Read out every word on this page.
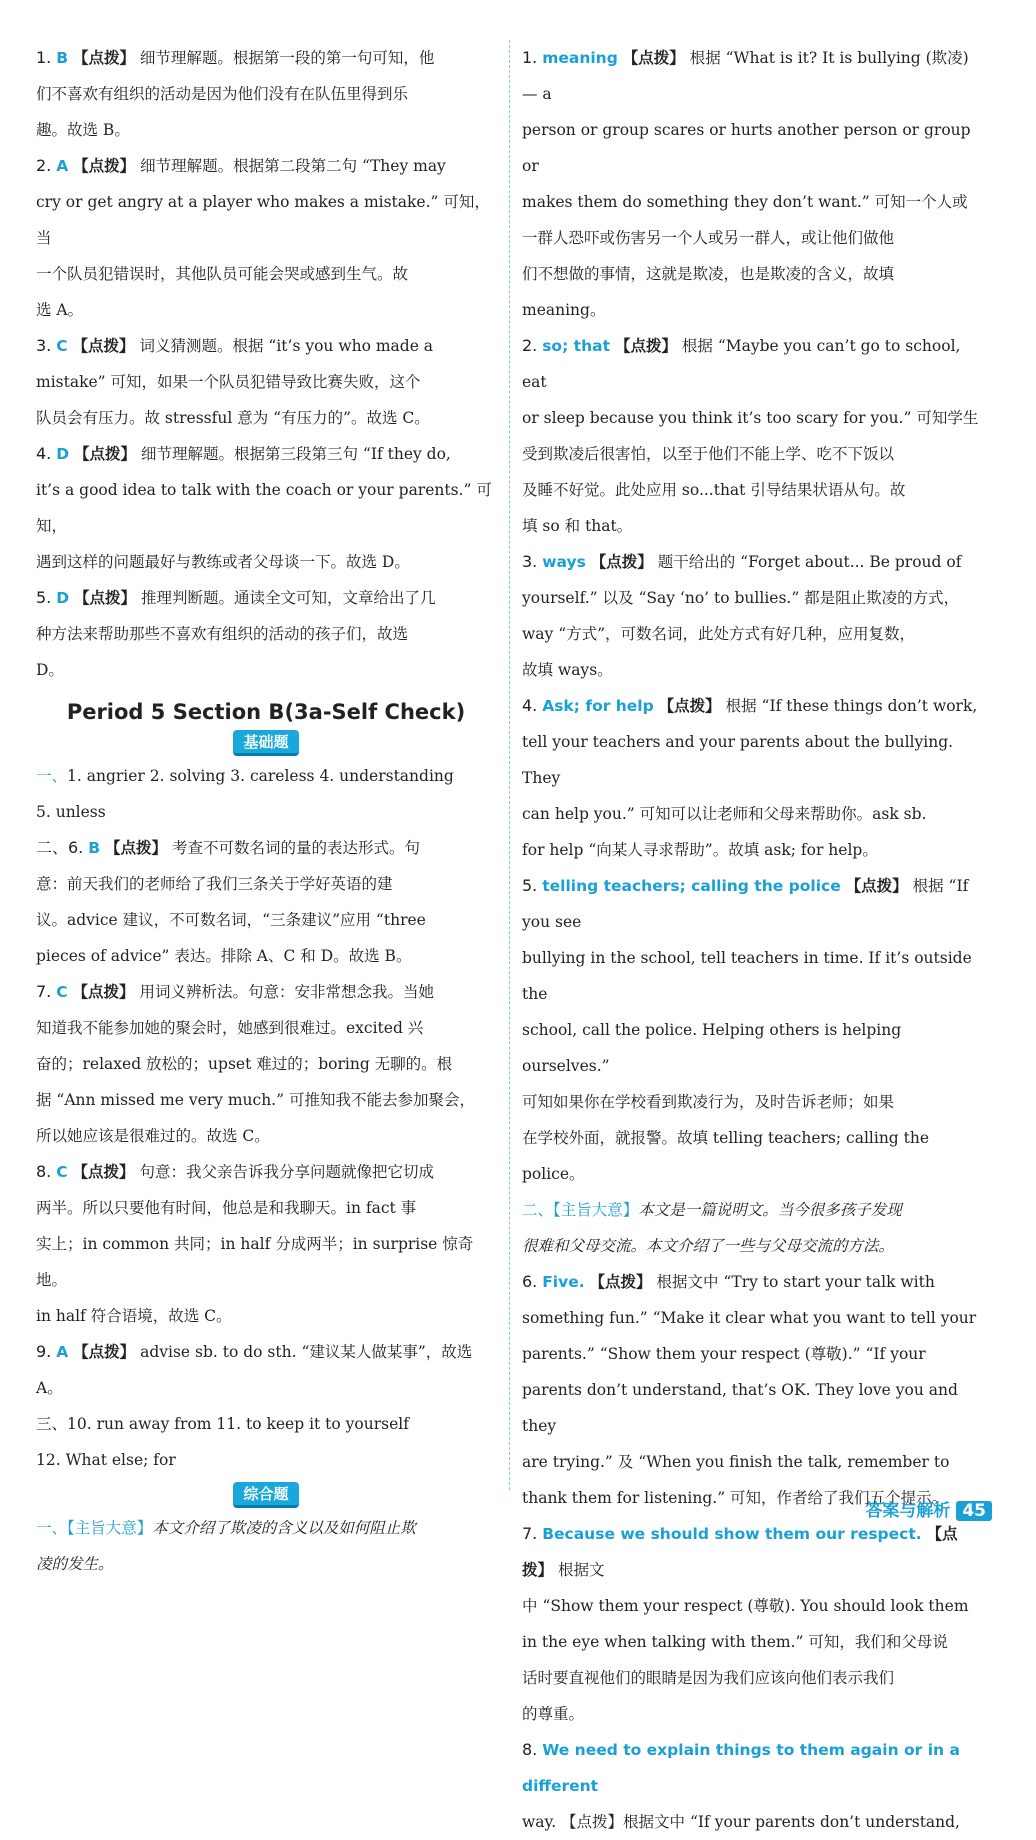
1. B 【点拨】 细节理解题。根据第一段的第一句可知，他

们不喜欢有组织的活动是因为他们没有在队伍里得到乐

趣。故选 B。

2. A 【点拨】 细节理解题。根据第二段第二句 “They may

cry or get angry at a player who makes a mistake.” 可知，当

一个队员犯错误时，其他队员可能会哭或感到生气。故

选 A。

3. C 【点拨】 词义猜测题。根据 “it’s you who made a

mistake” 可知，如果一个队员犯错导致比赛失败，这个

队员会有压力。故 stressful 意为 “有压力的”。故选 C。

4. D 【点拨】 细节理解题。根据第三段第三句 “If they do,

it’s a good idea to talk with the coach or your parents.” 可知，

遇到这样的问题最好与教练或者父母谈一下。故选 D。

5. D 【点拨】 推理判断题。通读全文可知，文章给出了几

种方法来帮助那些不喜欢有组织的活动的孩子们，故选

D。

Period 5 Section B(3a-Self Check)
基础题

一、1. angrier 2. solving 3. careless 4. understanding

5. unless

二、6. B 【点拨】 考查不可数名词的量的表达形式。句

意：前天我们的老师给了我们三条关于学好英语的建

议。advice 建议，不可数名词，“三条建议”应用 “three

pieces of advice” 表达。排除 A、C 和 D。故选 B。

7. C 【点拨】 用词义辨析法。句意：安非常想念我。当她

知道我不能参加她的聚会时，她感到很难过。excited 兴

奋的；relaxed 放松的；upset 难过的；boring 无聊的。根

据 “Ann missed me very much.” 可推知我不能去参加聚会，

所以她应该是很难过的。故选 C。

8. C 【点拨】 句意：我父亲告诉我分享问题就像把它切成

两半。所以只要他有时间，他总是和我聊天。in fact 事

实上；in common 共同；in half 分成两半；in surprise 惊奇地。

in half 符合语境，故选 C。

9. A 【点拨】 advise sb. to do sth. “建议某人做某事”，故选 A。

三、10. run away from 11. to keep it to yourself

12. What else; for

综合题

一、【主旨大意】本文介绍了欺凌的含义以及如何阻止欺

凌的发生。

1. meaning 【点拨】 根据 “What is it? It is bullying (欺凌) — a

person or group scares or hurts another person or group or

makes them do something they don’t want.” 可知一个人或

一群人恐吓或伤害另一个人或另一群人，或让他们做他

们不想做的事情，这就是欺凌，也是欺凌的含义，故填

meaning。

2. so; that 【点拨】 根据 “Maybe you can’t go to school, eat

or sleep because you think it’s too scary for you.” 可知学生

受到欺凌后很害怕，以至于他们不能上学、吃不下饭以

及睡不好觉。此处应用 so...that 引导结果状语从句。故

填 so 和 that。

3. ways 【点拨】 题干给出的 “Forget about... Be proud of

yourself.” 以及 “Say ‘no’ to bullies.” 都是阻止欺凌的方式，

way “方式”，可数名词，此处方式有好几种，应用复数，

故填 ways。

4. Ask; for help 【点拨】 根据 “If these things don’t work,

tell your teachers and your parents about the bullying. They

can help you.” 可知可以让老师和父母来帮助你。ask sb.

for help “向某人寻求帮助”。故填 ask; for help。

5. telling teachers; calling the police 【点拨】 根据 “If you see

bullying in the school, tell teachers in time. If it’s outside the

school, call the police. Helping others is helping ourselves.”

可知如果你在学校看到欺凌行为，及时告诉老师；如果

在学校外面，就报警。故填 telling teachers; calling the

police。

二、【主旨大意】本文是一篇说明文。当今很多孩子发现

很难和父母交流。本文介绍了一些与父母交流的方法。

6. Five. 【点拨】 根据文中 “Try to start your talk with

something fun.” “Make it clear what you want to tell your

parents.” “Show them your respect (尊敬).” “If your

parents don’t understand, that’s OK. They love you and they

are trying.” 及 “When you finish the talk, remember to

thank them for listening.” 可知，作者给了我们五个提示。

7. Because we should show them our respect. 【点拨】 根据文

中 “Show them your respect (尊敬). You should look them

in the eye when talking with them.” 可知，我们和父母说

话时要直视他们的眼睛是因为我们应该向他们表示我们

的尊重。

8. We need to explain things to them again or in a different

way. 【点拨】根据文中 “If your parents don’t understand,

答案与解析 45
